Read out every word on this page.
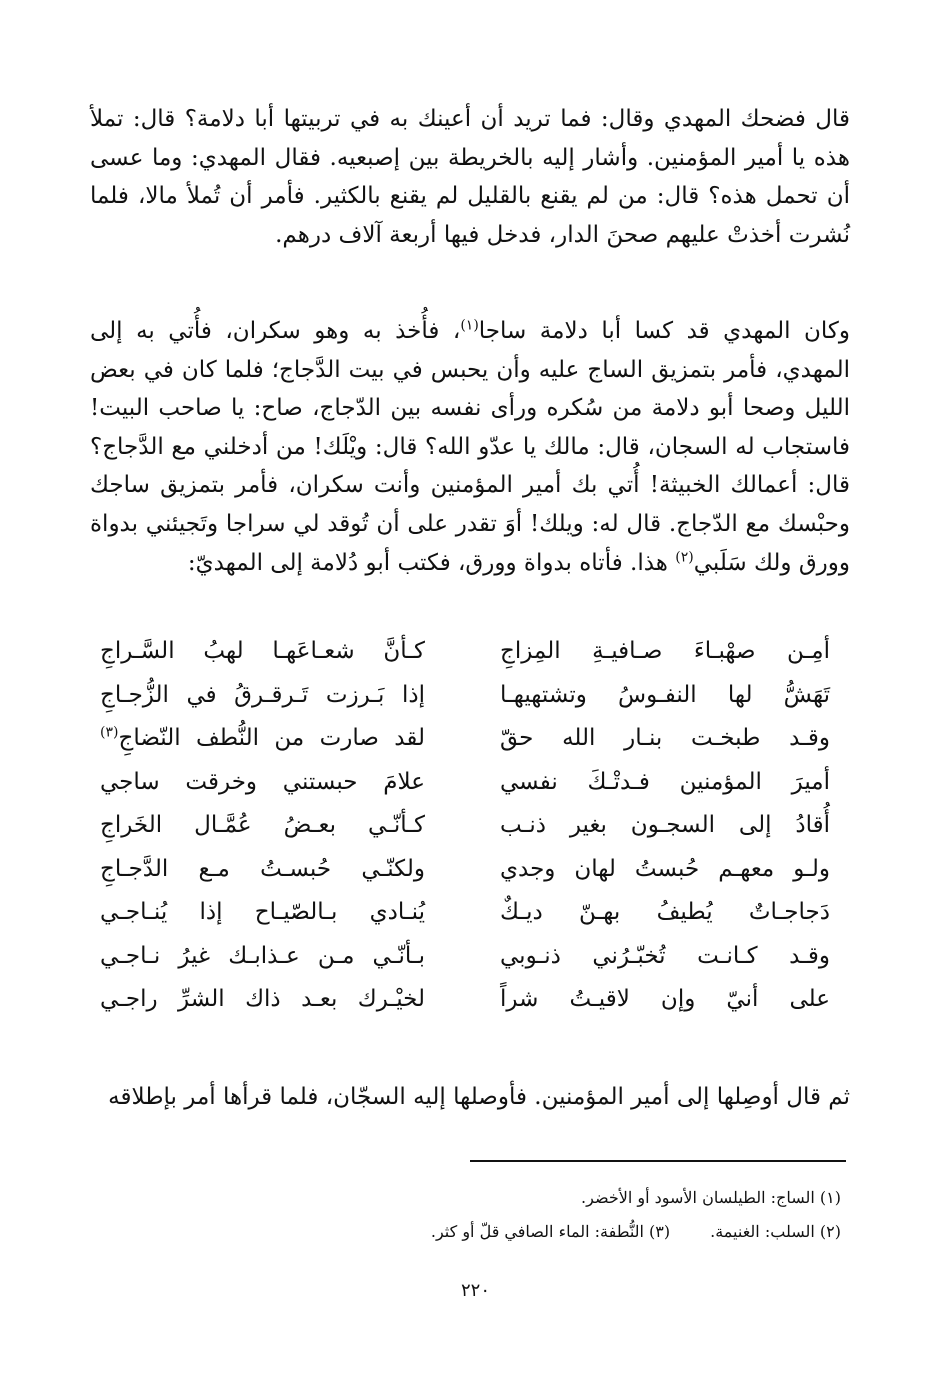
قال فضحك المهدي وقال: فما تريد أن أعينك به في تربيتها أبا دلامة؟ قال: تملأ هذه يا أمير المؤمنين. وأشار إليه بالخريطة بين إصبعيه. فقال المهدي: وما عسى أن تحمل هذه؟ قال: من لم يقنع بالقليل لم يقنع بالكثير. فأمر أن تُملأ مالا، فلما نُشرت أخذتْ عليهم صحنَ الدار، فدخل فيها أربعة آلاف درهم.

وكان المهدي قد كسا أبا دلامة ساجا$^{(١)}$، فأُخذ به وهو سكران، فأُتي به إلى المهدي، فأمر بتمزيق الساج عليه وأن يحبس في بيت الدَّجاج؛ فلما كان في بعض الليل وصحا أبو دلامة من سُكره ورأى نفسه بين الدّجاج، صاح: يا صاحب البيت! فاستجاب له السجان، قال: مالك يا عدّو الله؟ قال: ويْلَك! من أدخلني مع الدَّجاج؟ قال: أعمالك الخبيثة! أُتي بك أمير المؤمنين وأنت سكران، فأمر بتمزيق ساجك وحبْسك مع الدّجاج. قال له: ويلك! أوَ تقدر على أن تُوقد لي سراجا وتَجيئني بدواة وورق ولك سَلَبي$^{(٢)}$ هذا. فأتاه بدواة وورق، فكتب أبو دُلامة إلى المهديّ:

أمِـن صهْبـاءَ صـافيـةِ المِزاجِ
كـأنَّ شعـاعَهـا لهبُ السَّـراجِ
تَهَشُّ لها النفـوسُ وتشتهيهـا
إذا بَـرزت تَـرقـرقُ في الزُّجـاجِ
وقـد طبخـت بنـار الله حقّ
لقد صارت من النُّطف النّضاجِ$^{(٣)}$
أميرَ المؤمنين فـدتْـكَ نفسي
علامَ حبستني وخرقت ساجي
أُقادُ إلى السجـون بغير ذنـب
كـأنّـي بعـضُ عُمَّـال الخَراجِ
ولـو معهـم حُبستُ لهان وجدي
ولكنّـي حُبسـتُ مـع الدَّجـاجِ
دَجاجـاتٌ يُطيفُ بهـنّ ديـكٌ
يُنـادي بـالصّيـاح إذا يُنـاجـي
وقـد كـانـت تُخبّـرُني ذنـوبي
بـأنّـي مـن عـذابـك غيرُ نـاجـي
على أنيّ وإن لاقيـتُ شراً
لخيْـرك بعـد ذاك الشرِّ راجـي

ثم قال أوصِلها إلى أمير المؤمنين. فأوصلها إليه السجّان، فلما قرأها أمر بإطلاقه

(١) الساج: الطيلسان الأسود أو الأخضر.
(٢) السلب: الغنيمة.(٣) النُّطفة: الماء الصافي قلّ أو كثر.
٢٢٠
